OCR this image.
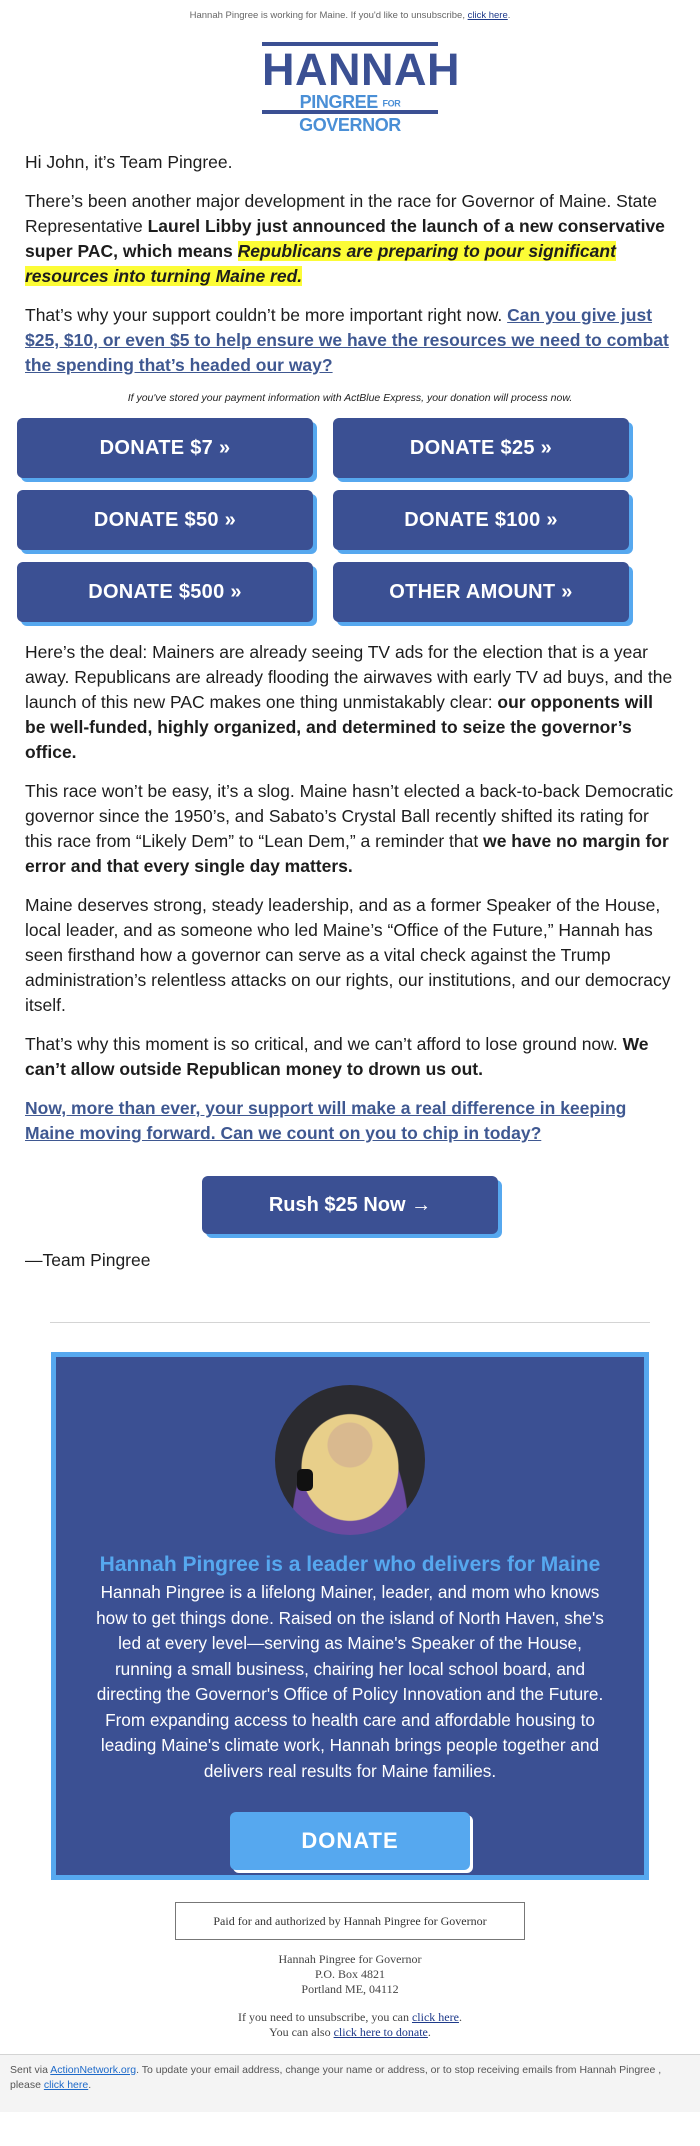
Hannah Pingree is working for Maine. If you'd like to unsubscribe, click here.
HANNAH
PINGREE FOR GOVERNOR

Hi John, it’s Team Pingree.

There’s been another major development in the race for Governor of Maine. State Representative Laurel Libby just announced the launch of a new conservative super PAC, which means Republicans are preparing to pour significant resources into turning Maine red.

That’s why your support couldn’t be more important right now. Can you give just $25, $10, or even $5 to help ensure we have the resources we need to combat the spending that’s headed our way?

If you've stored your payment information with ActBlue Express, your donation will process now.
DONATE $7 »	DONATE $25 »
DONATE $50 »	DONATE $100 »
DONATE $500 »	OTHER AMOUNT »

Here’s the deal: Mainers are already seeing TV ads for the election that is a year away. Republicans are already flooding the airwaves with early TV ad buys, and the launch of this new PAC makes one thing unmistakably clear: our opponents will be well-funded, highly organized, and determined to seize the governor’s office.

This race won’t be easy, it’s a slog. Maine hasn’t elected a back-to-back Democratic governor since the 1950’s, and Sabato’s Crystal Ball recently shifted its rating for this race from “Likely Dem” to “Lean Dem,” a reminder that we have no margin for error and that every single day matters.

Maine deserves strong, steady leadership, and as a former Speaker of the House, local leader, and as someone who led Maine’s “Office of the Future,” Hannah has seen firsthand how a governor can serve as a vital check against the Trump administration’s relentless attacks on our rights, our institutions, and our democracy itself.

That’s why this moment is so critical, and we can’t afford to lose ground now. We can’t allow outside Republican money to drown us out.

Now, more than ever, your support will make a real difference in keeping Maine moving forward. Can we count on you to chip in today?

Rush $25 Now →

—Team Pingree

Hannah Pingree is a leader who delivers for Maine
Hannah Pingree is a lifelong Mainer, leader, and mom who knows how to get things done. Raised on the island of North Haven, she's led at every level—serving as Maine's Speaker of the House, running a small business, chairing her local school board, and directing the Governor's Office of Policy Innovation and the Future. From expanding access to health care and affordable housing to leading Maine's climate work, Hannah brings people together and delivers real results for Maine families.
DONATE
Paid for and authorized by Hannah Pingree for Governor
Hannah Pingree for Governor
P.O. Box 4821
Portland ME, 04112
If you need to unsubscribe, you can click here.
You can also click here to donate.
Sent via ActionNetwork.org. To update your email address, change your name or address, or to stop receiving emails from Hannah Pingree , please click here.
